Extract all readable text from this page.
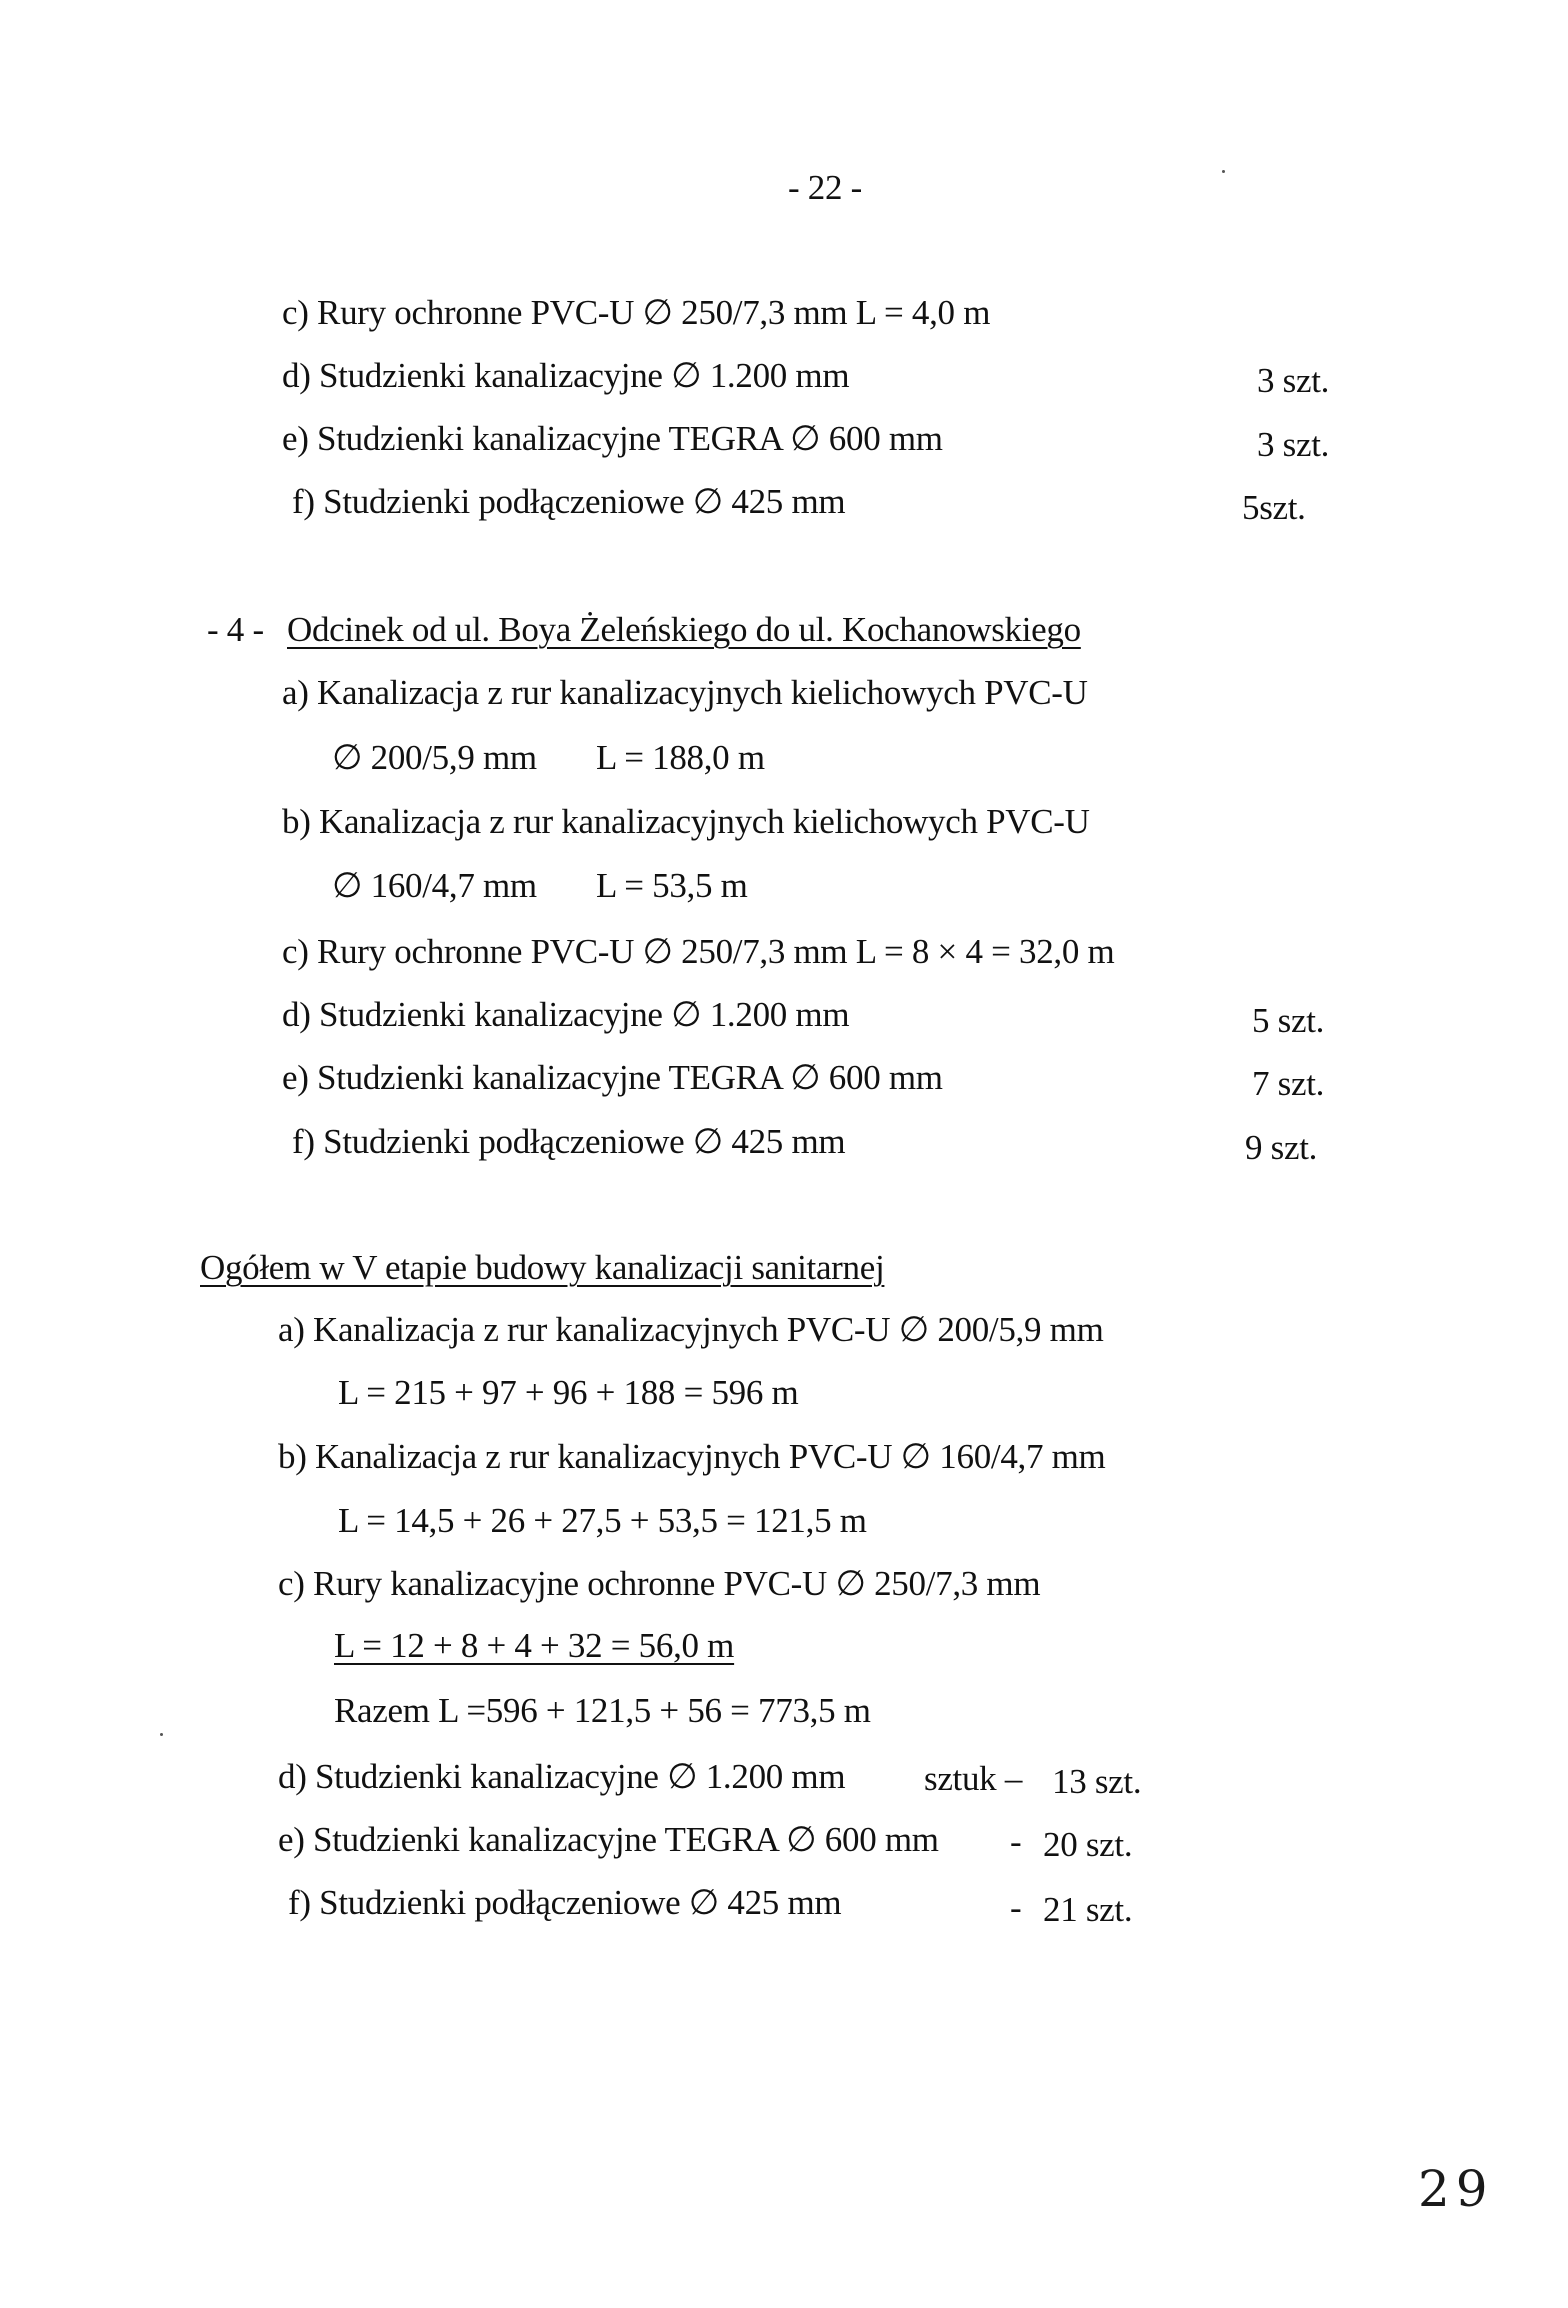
- 22 -
c) Rury ochronne PVC-U ∅ 250/7,3 mm L = 4,0 m
d) Studzienki kanalizacyjne ∅ 1.200 mm	3 szt.
e) Studzienki kanalizacyjne TEGRA ∅ 600 mm	3 szt.
f) Studzienki podłączeniowe ∅ 425 mm	5szt.
- 4 - Odcinek od ul. Boya Żeleńskiego do ul. Kochanowskiego
a) Kanalizacja z rur kanalizacyjnych kielichowych PVC-U
∅ 200/5,9 mm L = 188,0 m
b) Kanalizacja z rur kanalizacyjnych kielichowych PVC-U
∅ 160/4,7 mm L = 53,5 m
c) Rury ochronne PVC-U ∅ 250/7,3 mm L = 8 × 4 = 32,0 m
d) Studzienki kanalizacyjne ∅ 1.200 mm	5 szt.
e) Studzienki kanalizacyjne TEGRA ∅ 600 mm	7 szt.
f) Studzienki podłączeniowe ∅ 425 mm	9 szt.
Ogółem w V etapie budowy kanalizacji sanitarnej
a) Kanalizacja z rur kanalizacyjnych PVC-U ∅ 200/5,9 mm
L = 215 + 97 + 96 + 188 = 596 m
b) Kanalizacja z rur kanalizacyjnych PVC-U ∅ 160/4,7 mm
L = 14,5 + 26 + 27,5 + 53,5 = 121,5 m
c) Rury kanalizacyjne ochronne PVC-U ∅ 250/7,3 mm
L = 12 + 8 + 4 + 32 = 56,0 m
Razem L =596 + 121,5 + 56 = 773,5 m
d) Studzienki kanalizacyjne ∅ 1.200 mm sztuk – 13 szt.
e) Studzienki kanalizacyjne TEGRA ∅ 600 mm - 20 szt.
f) Studzienki podłączeniowe ∅ 425 mm	- 21 szt.
29
